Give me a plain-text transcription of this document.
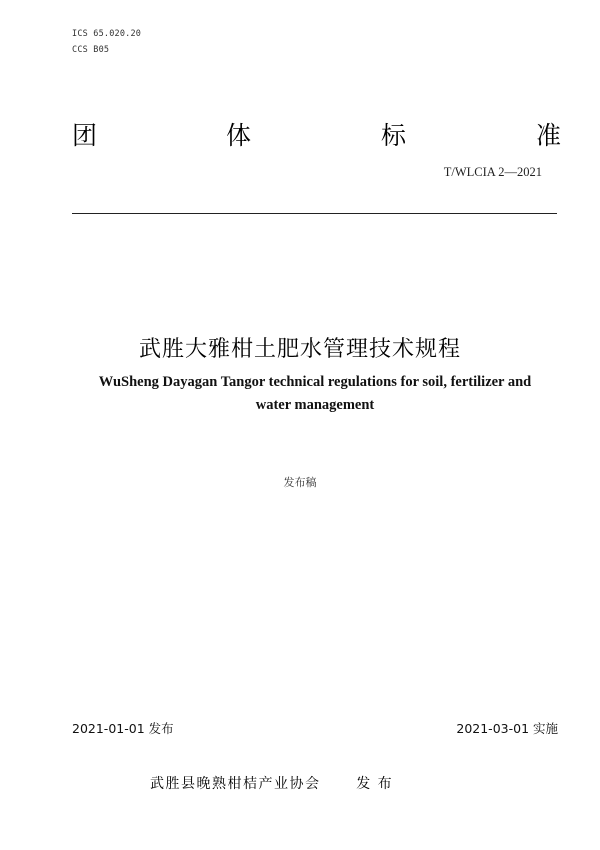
ICS 65.020.20
CCS B05
团	体	标	准
T/WLCIA 2—2021
武胜大雅柑土肥水管理技术规程
WuSheng Dayagan Tangor technical regulations for soil, fertilizer and water management
发布稿
2021-01-01 发布	2021-03-01 实施
武胜县晚熟柑桔产业协会      发 布
